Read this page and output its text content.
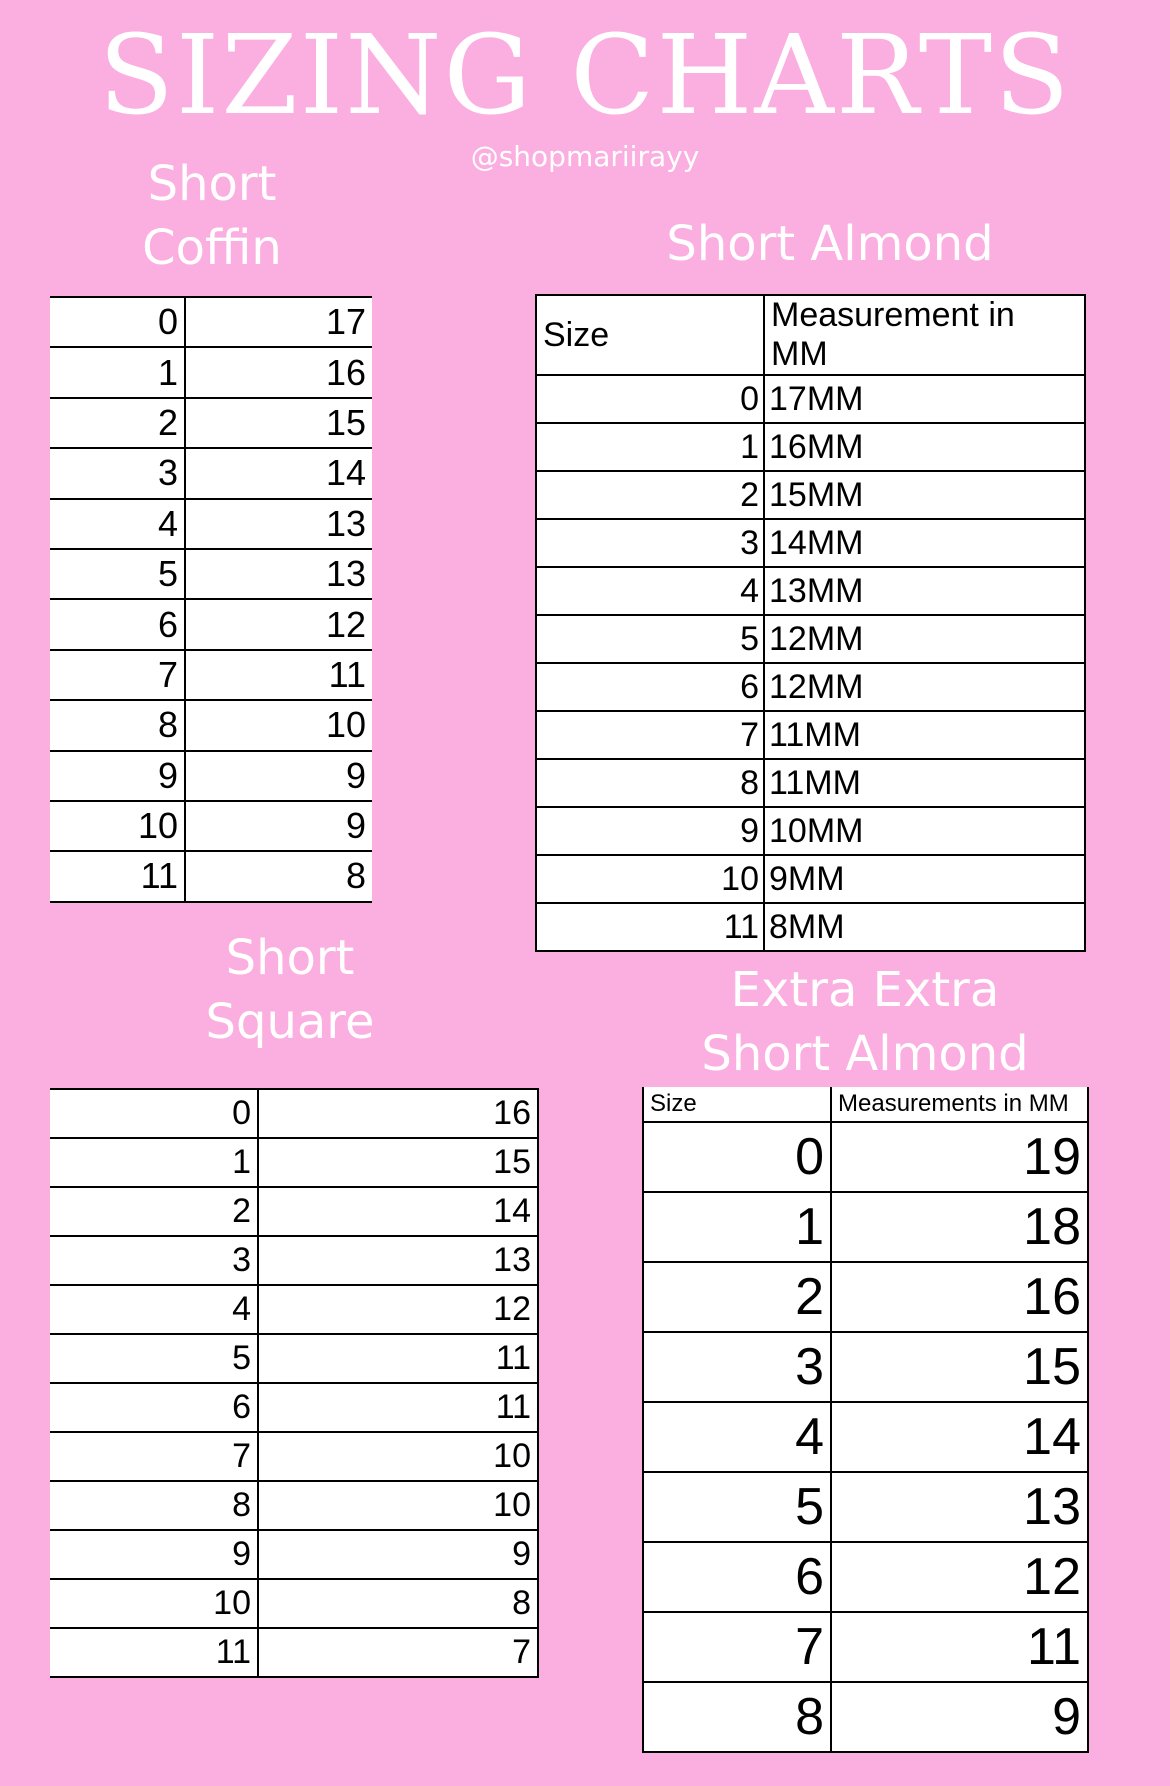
SIZING CHARTS
@shopmariirayy
Short
Coffin
0	17
1	16
2	15
3	14
4	13
5	13
6	12
7	11
8	10
9	9
10	9
11	8
Short Almond
Size	Measurement in MM
0	17MM
1	16MM
2	15MM
3	14MM
4	13MM
5	12MM
6	12MM
7	11MM
8	11MM
9	10MM
10	9MM
11	8MM
Short
Square
0	16
1	15
2	14
3	13
4	12
5	11
6	11
7	10
8	10
9	9
10	8
11	7
Extra Extra
Short Almond
Size	Measurements in MM
0	19
1	18
2	16
3	15
4	14
5	13
6	12
7	11
8	9
